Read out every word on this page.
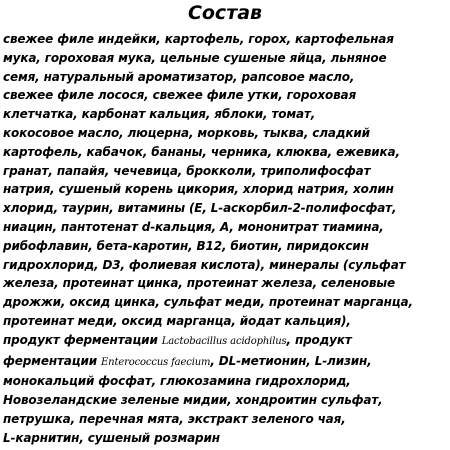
Состав
свежее филе индейки, картофель, горох, картофельная
мука, гороховая мука, цельные сушеные яйца, льняное
семя, натуральный ароматизатор, рапсовое масло,
свежее филе лосося, свежее филе утки, гороховая
клетчатка, карбонат кальция, яблоки, томат,
кокосовое масло, люцерна, морковь, тыква, сладкий
картофель, кабачок, бананы, черника, клюква, ежевика,
гранат, папайя, чечевица, брокколи, триполифосфат
натрия, сушеный корень цикория, хлорид натрия, холин
хлорид, таурин, витамины (E, L-аскорбил-2-полифосфат,
ниацин, пантотенат d-кальция, A, мононитрат тиамина,
рибофлавин, бета-каротин, B12, биотин, пиридоксин
гидрохлорид, D3, фолиевая кислота), минералы (сульфат
железа, протеинат цинка, протеинат железа, селеновые
дрожжи, оксид цинка, сульфат меди, протеинат марганца,
протеинат меди, оксид марганца, йодат кальция),
продукт ферментации Lactobacillus acidophilus, продукт
ферментации Enterococcus faecium, DL-метионин, L-лизин,
монокальций фосфат, глюкозамина гидрохлорид,
Новозеландские зеленые мидии, хондроитин сульфат,
петрушка, перечная мята, экстракт зеленого чая,
L-карнитин, сушеный розмарин
